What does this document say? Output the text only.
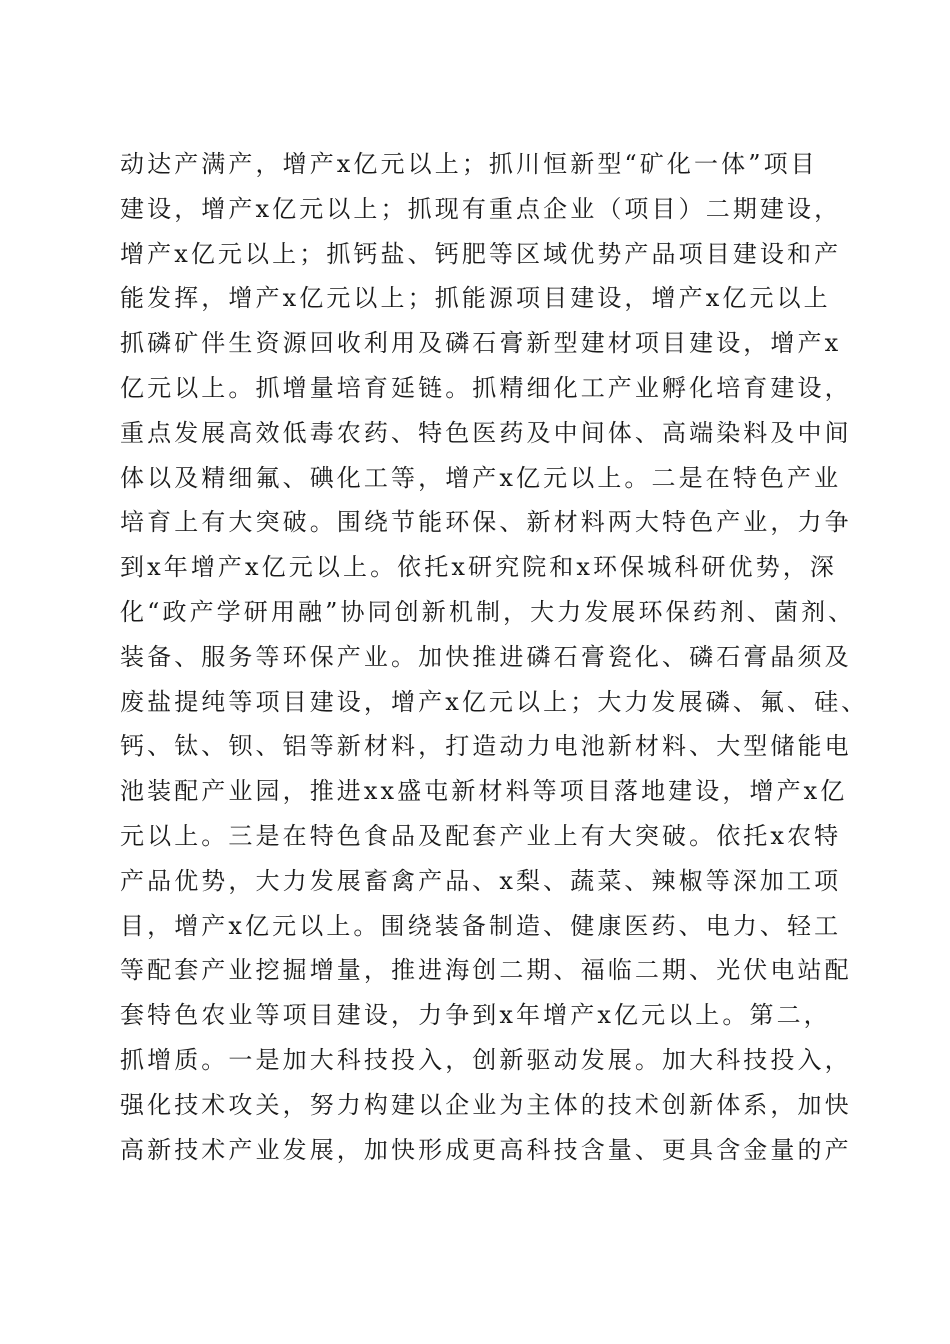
动达产满产，增产x亿元以上；抓川恒新型“矿化一体”项目
建设，增产x亿元以上；抓现有重点企业（项目）二期建设，
增产x亿元以上；抓钙盐、钙肥等区域优势产品项目建设和产
能发挥，增产x亿元以上；抓能源项目建设，增产x亿元以上
抓磷矿伴生资源回收利用及磷石膏新型建材项目建设，增产x
亿元以上。抓增量培育延链。抓精细化工产业孵化培育建设，
重点发展高效低毒农药、特色医药及中间体、高端染料及中间
体以及精细氟、碘化工等，增产x亿元以上。二是在特色产业
培育上有大突破。围绕节能环保、新材料两大特色产业，力争
到x年增产x亿元以上。依托x研究院和x环保城科研优势，深
化“政产学研用融”协同创新机制，大力发展环保药剂、菌剂、
装备、服务等环保产业。加快推进磷石膏瓷化、磷石膏晶须及
废盐提纯等项目建设，增产x亿元以上；大力发展磷、氟、硅、
钙、钛、钡、铝等新材料，打造动力电池新材料、大型储能电
池装配产业园，推进xx盛屯新材料等项目落地建设，增产x亿
元以上。三是在特色食品及配套产业上有大突破。依托x农特
产品优势，大力发展畜禽产品、x梨、蔬菜、辣椒等深加工项
目，增产x亿元以上。围绕装备制造、健康医药、电力、轻工
等配套产业挖掘增量，推进海创二期、福临二期、光伏电站配
套特色农业等项目建设，力争到x年增产x亿元以上。第二，
抓增质。一是加大科技投入，创新驱动发展。加大科技投入，
强化技术攻关，努力构建以企业为主体的技术创新体系，加快
高新技术产业发展，加快形成更高科技含量、更具含金量的产
